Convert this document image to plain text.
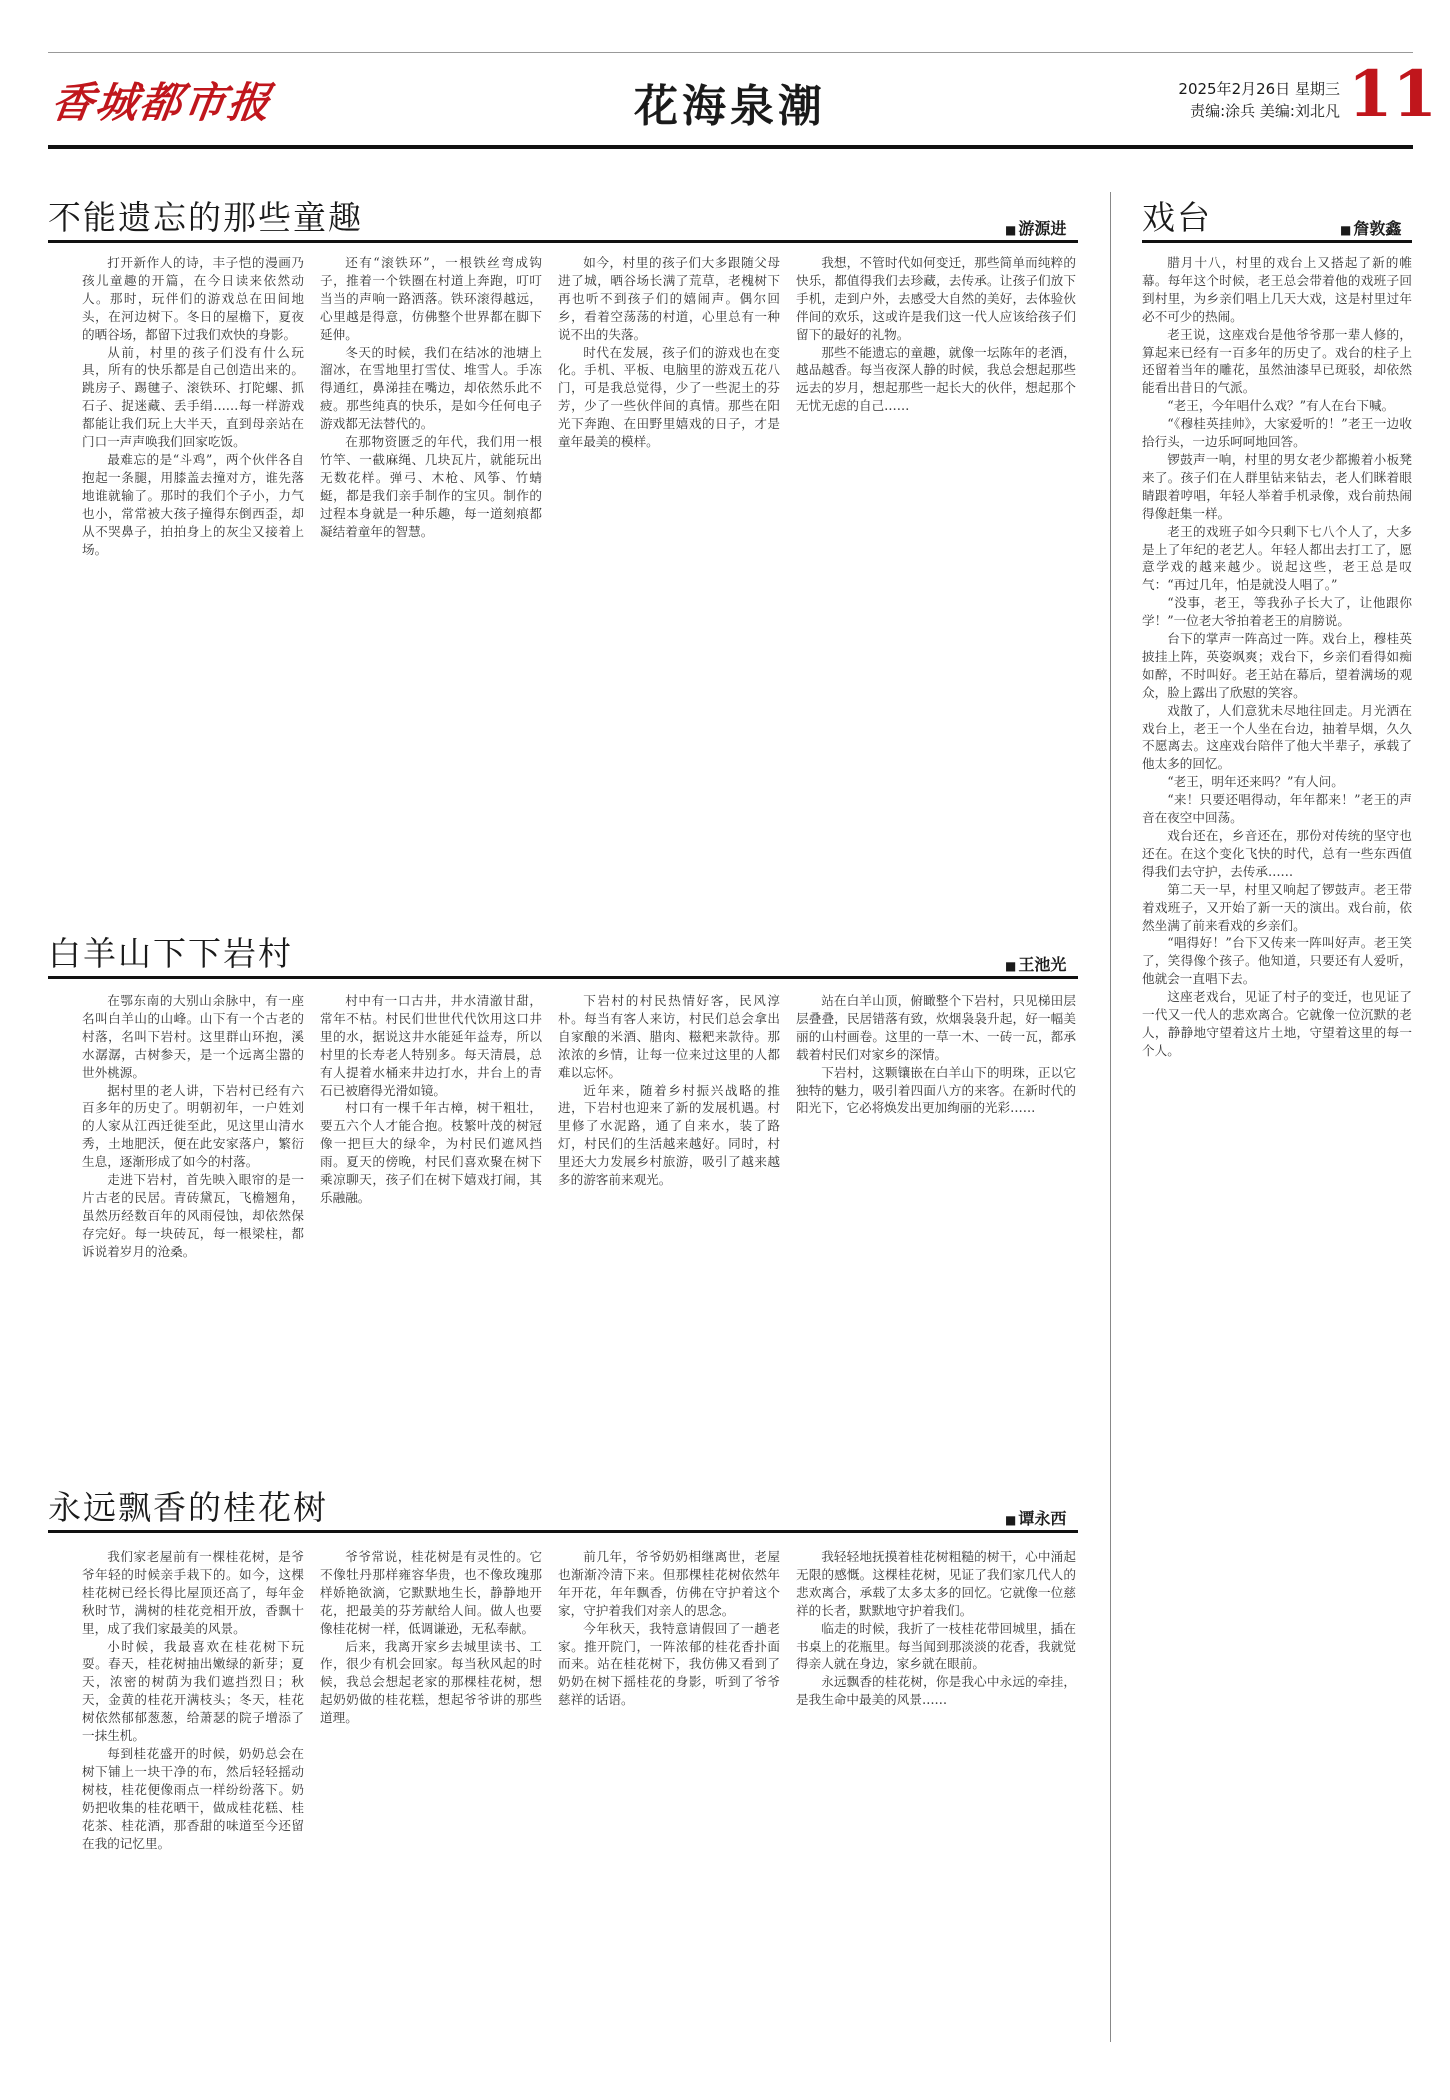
香城都市报	花海泉潮	2025年2月26日 星期三
责编:涂兵 美编:刘北凡 11
不能遗忘的那些童趣	■ 游源进

打开新作人的诗，丰子恺的漫画乃孩儿童趣的开篇，在今日读来依然动人。那时，玩伴们的游戏总在田间地头，在河边树下。冬日的屋檐下，夏夜的晒谷场，都留下过我们欢快的身影。

从前，村里的孩子们没有什么玩具，所有的快乐都是自己创造出来的。跳房子、踢毽子、滚铁环、打陀螺、抓石子、捉迷藏、丢手绢……每一样游戏都能让我们玩上大半天，直到母亲站在门口一声声唤我们回家吃饭。

最难忘的是“斗鸡”，两个伙伴各自抱起一条腿，用膝盖去撞对方，谁先落地谁就输了。那时的我们个子小，力气也小，常常被大孩子撞得东倒西歪，却从不哭鼻子，拍拍身上的灰尘又接着上场。

还有“滚铁环”，一根铁丝弯成钩子，推着一个铁圈在村道上奔跑，叮叮当当的声响一路洒落。铁环滚得越远，心里越是得意，仿佛整个世界都在脚下延伸。

冬天的时候，我们在结冰的池塘上溜冰，在雪地里打雪仗、堆雪人。手冻得通红，鼻涕挂在嘴边，却依然乐此不疲。那些纯真的快乐，是如今任何电子游戏都无法替代的。

在那物资匮乏的年代，我们用一根竹竿、一截麻绳、几块瓦片，就能玩出无数花样。弹弓、木枪、风筝、竹蜻蜓，都是我们亲手制作的宝贝。制作的过程本身就是一种乐趣，每一道刻痕都凝结着童年的智慧。

如今，村里的孩子们大多跟随父母进了城，晒谷场长满了荒草，老槐树下再也听不到孩子们的嬉闹声。偶尔回乡，看着空荡荡的村道，心里总有一种说不出的失落。

时代在发展，孩子们的游戏也在变化。手机、平板、电脑里的游戏五花八门，可是我总觉得，少了一些泥土的芬芳，少了一些伙伴间的真情。那些在阳光下奔跑、在田野里嬉戏的日子，才是童年最美的模样。

我想，不管时代如何变迁，那些简单而纯粹的快乐，都值得我们去珍藏，去传承。让孩子们放下手机，走到户外，去感受大自然的美好，去体验伙伴间的欢乐，这或许是我们这一代人应该给孩子们留下的最好的礼物。

那些不能遗忘的童趣，就像一坛陈年的老酒，越品越香。每当夜深人静的时候，我总会想起那些远去的岁月，想起那些一起长大的伙伴，想起那个无忧无虑的自己……

戏台	■ 詹敦鑫

腊月十八，村里的戏台上又搭起了新的帷幕。每年这个时候，老王总会带着他的戏班子回到村里，为乡亲们唱上几天大戏，这是村里过年必不可少的热闹。

老王说，这座戏台是他爷爷那一辈人修的，算起来已经有一百多年的历史了。戏台的柱子上还留着当年的雕花，虽然油漆早已斑驳，却依然能看出昔日的气派。

“老王，今年唱什么戏？”有人在台下喊。

“《穆桂英挂帅》，大家爱听的！”老王一边收拾行头，一边乐呵呵地回答。

锣鼓声一响，村里的男女老少都搬着小板凳来了。孩子们在人群里钻来钻去，老人们眯着眼睛跟着哼唱，年轻人举着手机录像，戏台前热闹得像赶集一样。

老王的戏班子如今只剩下七八个人了，大多是上了年纪的老艺人。年轻人都出去打工了，愿意学戏的越来越少。说起这些，老王总是叹气：“再过几年，怕是就没人唱了。”

“没事，老王，等我孙子长大了，让他跟你学！”一位老大爷拍着老王的肩膀说。

台下的掌声一阵高过一阵。戏台上，穆桂英披挂上阵，英姿飒爽；戏台下，乡亲们看得如痴如醉，不时叫好。老王站在幕后，望着满场的观众，脸上露出了欣慰的笑容。

戏散了，人们意犹未尽地往回走。月光洒在戏台上，老王一个人坐在台边，抽着旱烟，久久不愿离去。这座戏台陪伴了他大半辈子，承载了他太多的回忆。

“老王，明年还来吗？”有人问。

“来！只要还唱得动，年年都来！”老王的声音在夜空中回荡。

戏台还在，乡音还在，那份对传统的坚守也还在。在这个变化飞快的时代，总有一些东西值得我们去守护，去传承……

第二天一早，村里又响起了锣鼓声。老王带着戏班子，又开始了新一天的演出。戏台前，依然坐满了前来看戏的乡亲们。

“唱得好！”台下又传来一阵叫好声。老王笑了，笑得像个孩子。他知道，只要还有人爱听，他就会一直唱下去。

这座老戏台，见证了村子的变迁，也见证了一代又一代人的悲欢离合。它就像一位沉默的老人，静静地守望着这片土地，守望着这里的每一个人。

白羊山下下岩村	■ 王池光

在鄂东南的大别山余脉中，有一座名叫白羊山的山峰。山下有一个古老的村落，名叫下岩村。这里群山环抱，溪水潺潺，古树参天，是一个远离尘嚣的世外桃源。

据村里的老人讲，下岩村已经有六百多年的历史了。明朝初年，一户姓刘的人家从江西迁徙至此，见这里山清水秀，土地肥沃，便在此安家落户，繁衍生息，逐渐形成了如今的村落。

走进下岩村，首先映入眼帘的是一片古老的民居。青砖黛瓦，飞檐翘角，虽然历经数百年的风雨侵蚀，却依然保存完好。每一块砖瓦，每一根梁柱，都诉说着岁月的沧桑。

村中有一口古井，井水清澈甘甜，常年不枯。村民们世世代代饮用这口井里的水，据说这井水能延年益寿，所以村里的长寿老人特别多。每天清晨，总有人提着水桶来井边打水，井台上的青石已被磨得光滑如镜。

村口有一棵千年古樟，树干粗壮，要五六个人才能合抱。枝繁叶茂的树冠像一把巨大的绿伞，为村民们遮风挡雨。夏天的傍晚，村民们喜欢聚在树下乘凉聊天，孩子们在树下嬉戏打闹，其乐融融。

下岩村的村民热情好客，民风淳朴。每当有客人来访，村民们总会拿出自家酿的米酒、腊肉、糍粑来款待。那浓浓的乡情，让每一位来过这里的人都难以忘怀。

近年来，随着乡村振兴战略的推进，下岩村也迎来了新的发展机遇。村里修了水泥路，通了自来水，装了路灯，村民们的生活越来越好。同时，村里还大力发展乡村旅游，吸引了越来越多的游客前来观光。

站在白羊山顶，俯瞰整个下岩村，只见梯田层层叠叠，民居错落有致，炊烟袅袅升起，好一幅美丽的山村画卷。这里的一草一木、一砖一瓦，都承载着村民们对家乡的深情。

下岩村，这颗镶嵌在白羊山下的明珠，正以它独特的魅力，吸引着四面八方的来客。在新时代的阳光下，它必将焕发出更加绚丽的光彩……

永远飘香的桂花树	■ 谭永西

我们家老屋前有一棵桂花树，是爷爷年轻的时候亲手栽下的。如今，这棵桂花树已经长得比屋顶还高了，每年金秋时节，满树的桂花竞相开放，香飘十里，成了我们家最美的风景。

小时候，我最喜欢在桂花树下玩耍。春天，桂花树抽出嫩绿的新芽；夏天，浓密的树荫为我们遮挡烈日；秋天，金黄的桂花开满枝头；冬天，桂花树依然郁郁葱葱，给萧瑟的院子增添了一抹生机。

每到桂花盛开的时候，奶奶总会在树下铺上一块干净的布，然后轻轻摇动树枝，桂花便像雨点一样纷纷落下。奶奶把收集的桂花晒干，做成桂花糕、桂花茶、桂花酒，那香甜的味道至今还留在我的记忆里。

爷爷常说，桂花树是有灵性的。它不像牡丹那样雍容华贵，也不像玫瑰那样娇艳欲滴，它默默地生长，静静地开花，把最美的芬芳献给人间。做人也要像桂花树一样，低调谦逊，无私奉献。

后来，我离开家乡去城里读书、工作，很少有机会回家。每当秋风起的时候，我总会想起老家的那棵桂花树，想起奶奶做的桂花糕，想起爷爷讲的那些道理。

前几年，爷爷奶奶相继离世，老屋也渐渐冷清下来。但那棵桂花树依然年年开花，年年飘香，仿佛在守护着这个家，守护着我们对亲人的思念。

今年秋天，我特意请假回了一趟老家。推开院门，一阵浓郁的桂花香扑面而来。站在桂花树下，我仿佛又看到了奶奶在树下摇桂花的身影，听到了爷爷慈祥的话语。

我轻轻地抚摸着桂花树粗糙的树干，心中涌起无限的感慨。这棵桂花树，见证了我们家几代人的悲欢离合，承载了太多太多的回忆。它就像一位慈祥的长者，默默地守护着我们。

临走的时候，我折了一枝桂花带回城里，插在书桌上的花瓶里。每当闻到那淡淡的花香，我就觉得亲人就在身边，家乡就在眼前。

永远飘香的桂花树，你是我心中永远的牵挂，是我生命中最美的风景……
